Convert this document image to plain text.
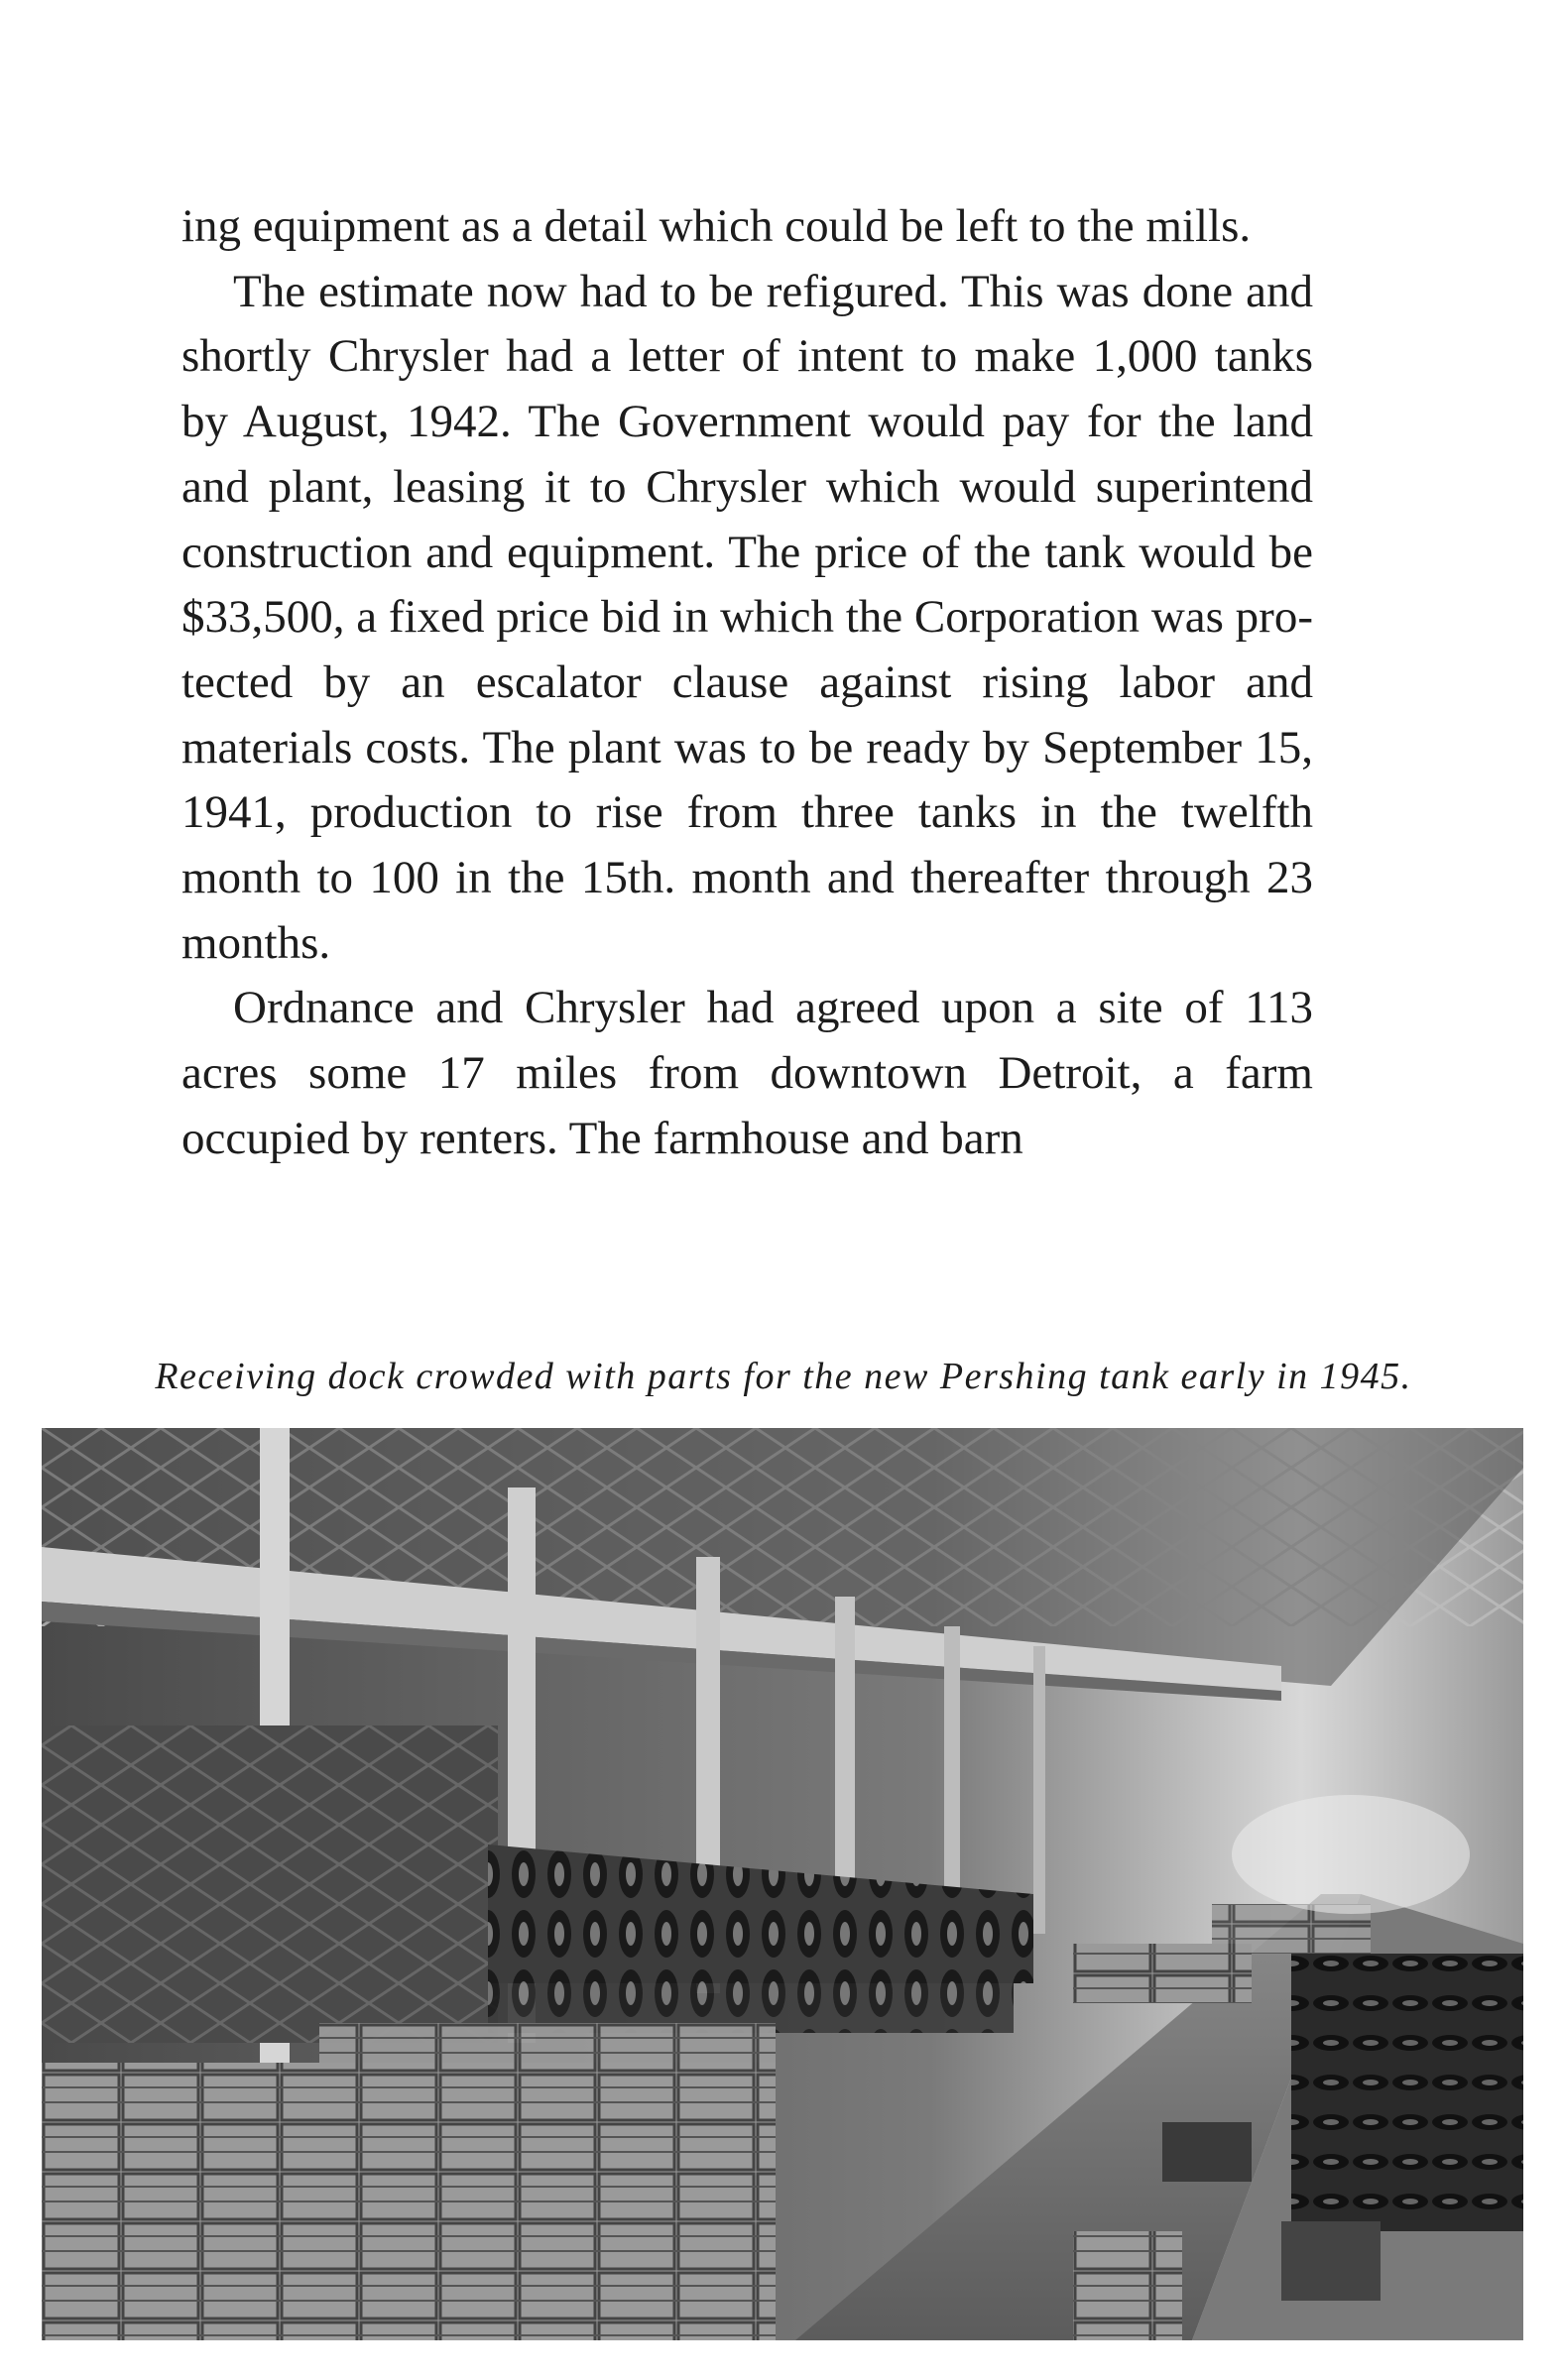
ing equipment as a detail which could be left to the mills.

The estimate now had to be refigured. This was done and shortly Chrysler had a letter of intent to make 1,000 tanks by August, 1942. The Government would pay for the land and plant, leasing it to Chrysler which would superintend construction and equipment. The price of the tank would be $33,500, a fixed price bid in which the Corporation was protected by an escalator clause against rising labor and materials costs. The plant was to be ready by September 15, 1941, production to rise from three tanks in the twelfth month to 100 in the 15th. month and thereafter through 23 months.

Ordnance and Chrysler had agreed upon a site of 113 acres some 17 miles from downtown Detroit, a farm occupied by renters. The farmhouse and barn

Receiving dock crowded with parts for the new Pershing tank early in 1945.
